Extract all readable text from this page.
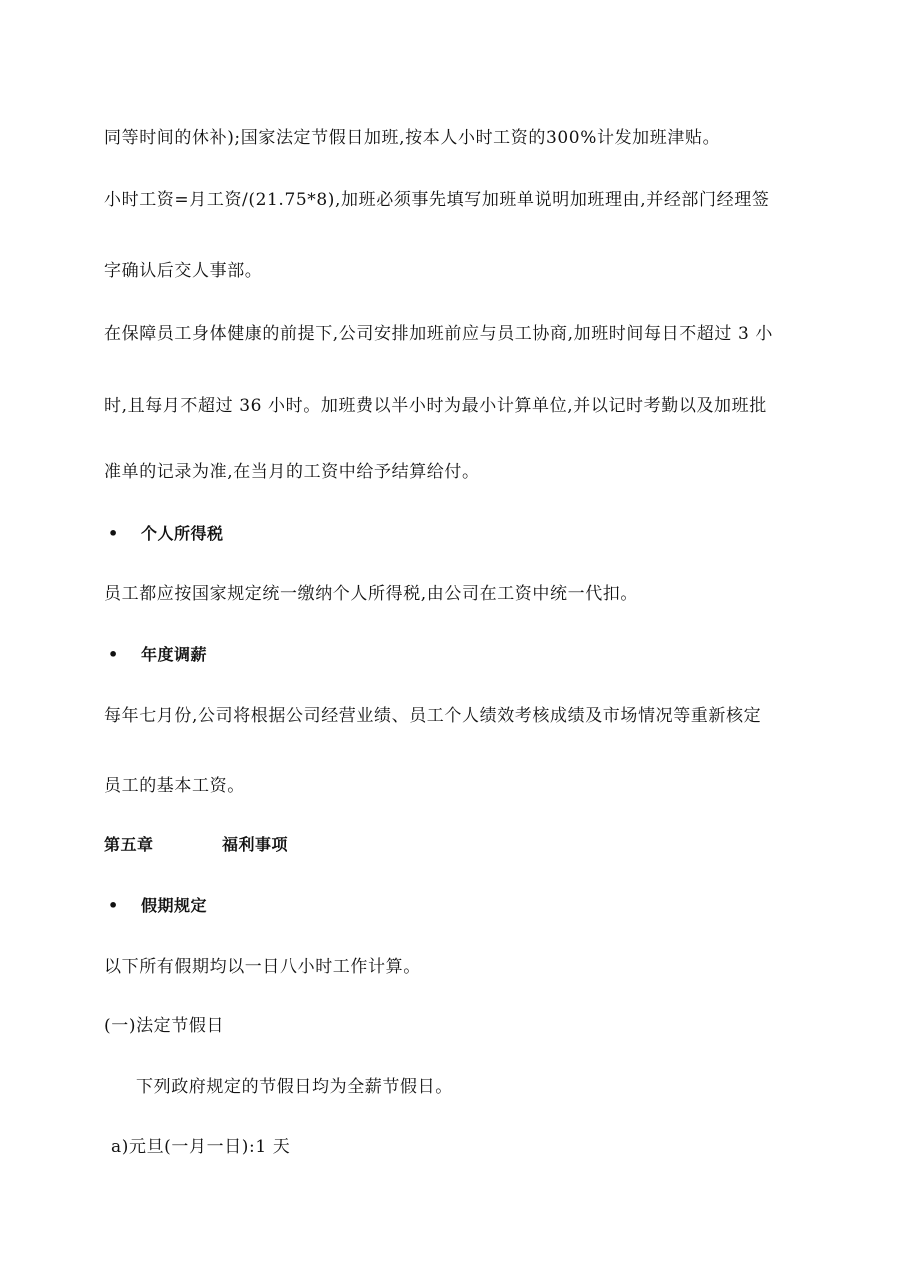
同等时间的休补);国家法定节假日加班,按本人小时工资的300%计发加班津贴。
小时工资=月工资/(21.75*8),加班必须事先填写加班单说明加班理由,并经部门经理签
字确认后交人事部。
在保障员工身体健康的前提下,公司安排加班前应与员工协商,加班时间每日不超过 3 小
时,且每月不超过 36 小时。加班费以半小时为最小计算单位,并以记时考勤以及加班批
准单的记录为准,在当月的工资中给予结算给付。
• 个人所得税
员工都应按国家规定统一缴纳个人所得税,由公司在工资中统一代扣。
• 年度调薪
每年七月份,公司将根据公司经营业绩、员工个人绩效考核成绩及市场情况等重新核定
员工的基本工资。
第五章	福利事项
• 假期规定
以下所有假期均以一日八小时工作计算。
(一)法定节假日
下列政府规定的节假日均为全薪节假日。
a)元旦(一月一日):1 天
